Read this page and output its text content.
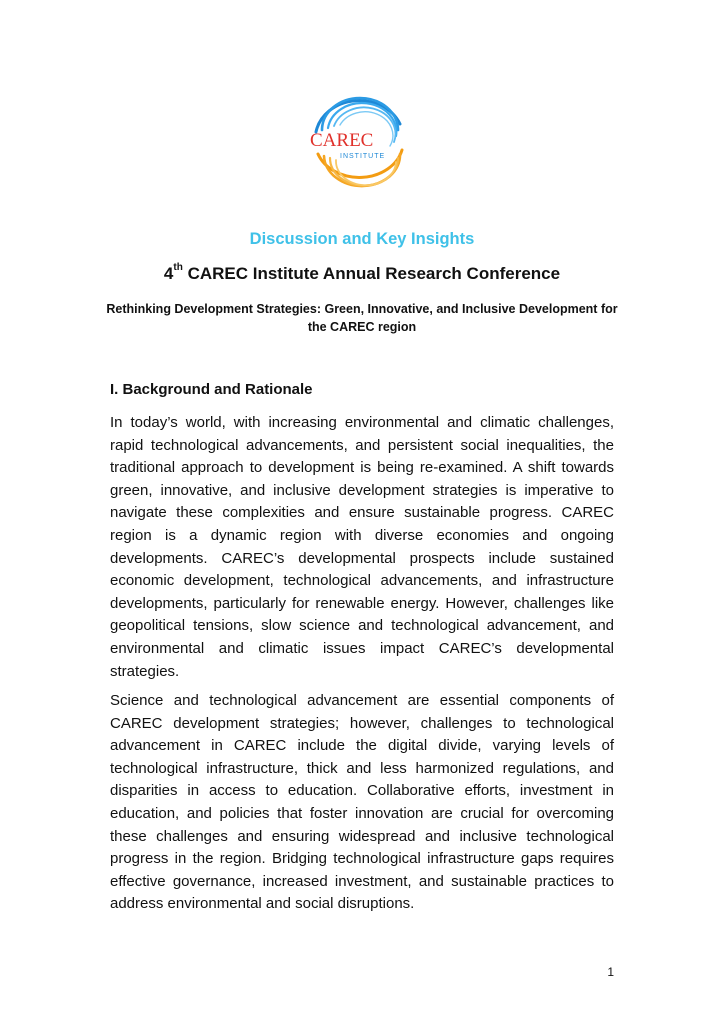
CAREC
INSTITUTE
Discussion and Key Insights
4th CAREC Institute Annual Research Conference
Rethinking Development Strategies: Green, Innovative, and Inclusive Development for the CAREC region
I. Background and Rationale

In today’s world, with increasing environmental and climatic challenges, rapid technological advancements, and persistent social inequalities, the traditional approach to development is being re-examined. A shift towards green, innovative, and inclusive development strategies is imperative to navigate these complexities and ensure sustainable progress. CAREC region is a dynamic region with diverse economies and ongoing developments. CAREC’s developmental prospects include sustained economic development, technological advancements, and infrastructure developments, particularly for renewable energy. However, challenges like geopolitical tensions, slow science and technological advancement, and environmental and climatic issues impact CAREC’s developmental strategies.

Science and technological advancement are essential components of CAREC development strategies; however, challenges to technological advancement in CAREC include the digital divide, varying levels of technological infrastructure, thick and less harmonized regulations, and disparities in access to education. Collaborative efforts, investment in education, and policies that foster innovation are crucial for overcoming these challenges and ensuring widespread and inclusive technological progress in the region. Bridging technological infrastructure gaps requires effective governance, increased investment, and sustainable practices to address environmental and social disruptions.

1
